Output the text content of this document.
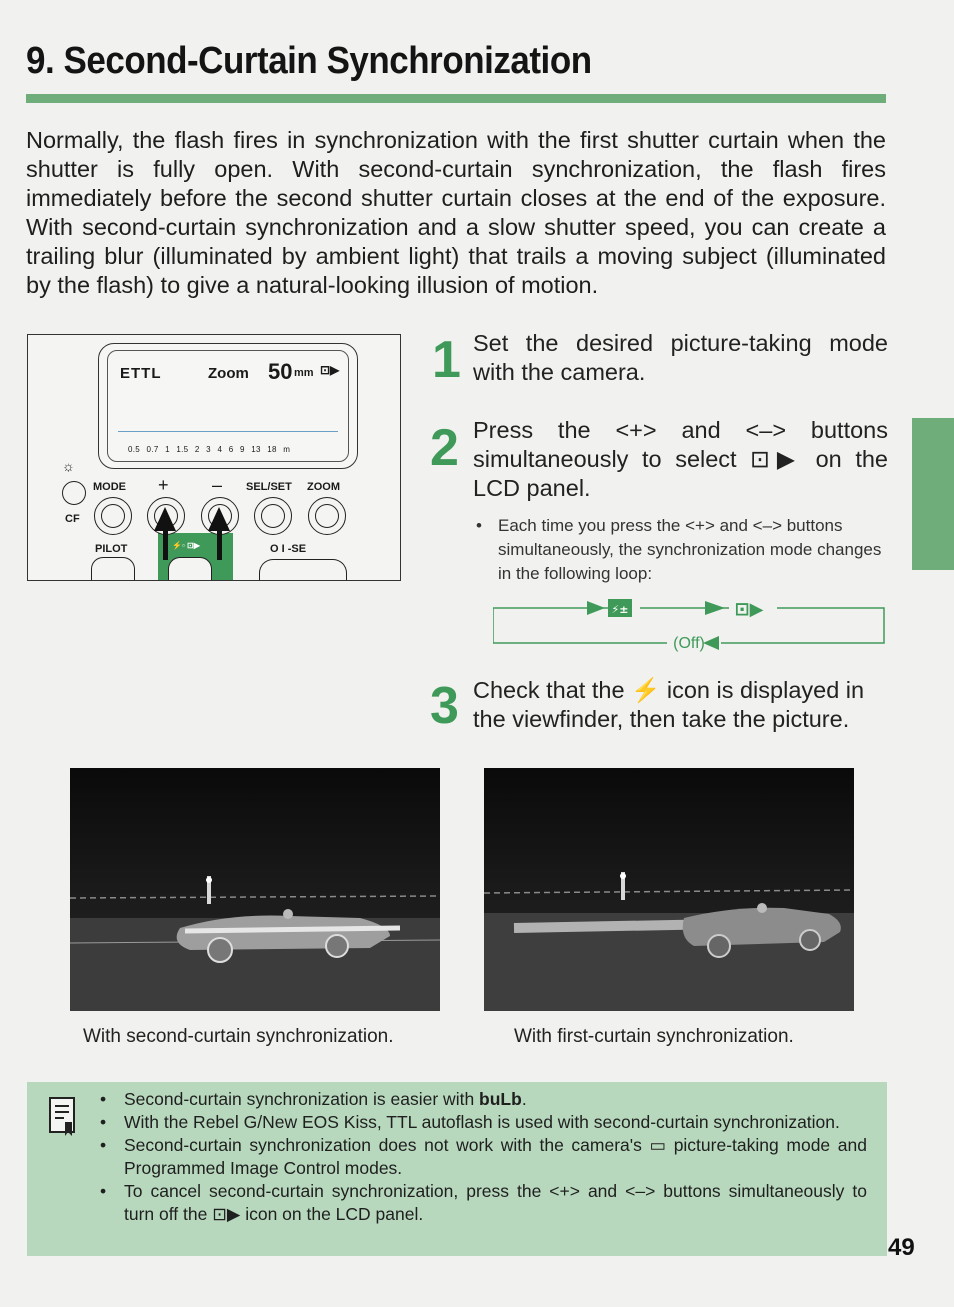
9. Second-Curtain Synchronization

Normally, the flash fires in synchronization with the first shutter curtain when the shutter is fully open. With second-curtain synchronization, the flash fires immediately before the second shutter curtain closes at the end of the exposure. With second-curtain synchronization and a slow shutter speed, you can create a trailing blur (illuminated by ambient light) that trails a moving subject (illuminated by the flash) to give a natural-looking illusion of motion.

ETTL	Zoom 50 mm ⊡▶
0.5 0.7 1 1.5 2 3 4 6 9 13 18 m
☼
MODE + – SEL/SET ZOOM
CF
PILOT	O I -SE
⚡▫ ⊡▶
1 Set the desired picture-taking mode with the camera.

2 Press the <+> and <–> buttons simultaneously to select ⊡▶ on the LCD panel.

• Each time you press the <+> and <–> buttons simultaneously, the synchronization mode changes in the following loop:

⚡±	⊡▶
(Off)
3 Check that the ⚡ icon is displayed in the viewfinder, then take the picture.

With second-curtain synchronization.	With first-curtain synchronization.

• Second-curtain synchronization is easier with buLb.
• With the Rebel G/New EOS Kiss, TTL autoflash is used with second-curtain synchronization.
• Second-curtain synchronization does not work with the camera's ▭ picture-taking mode and Programmed Image Control modes.
• To cancel second-curtain synchronization, press the <+> and <–> buttons simultaneously to turn off the ⊡▶ icon on the LCD panel.
49
